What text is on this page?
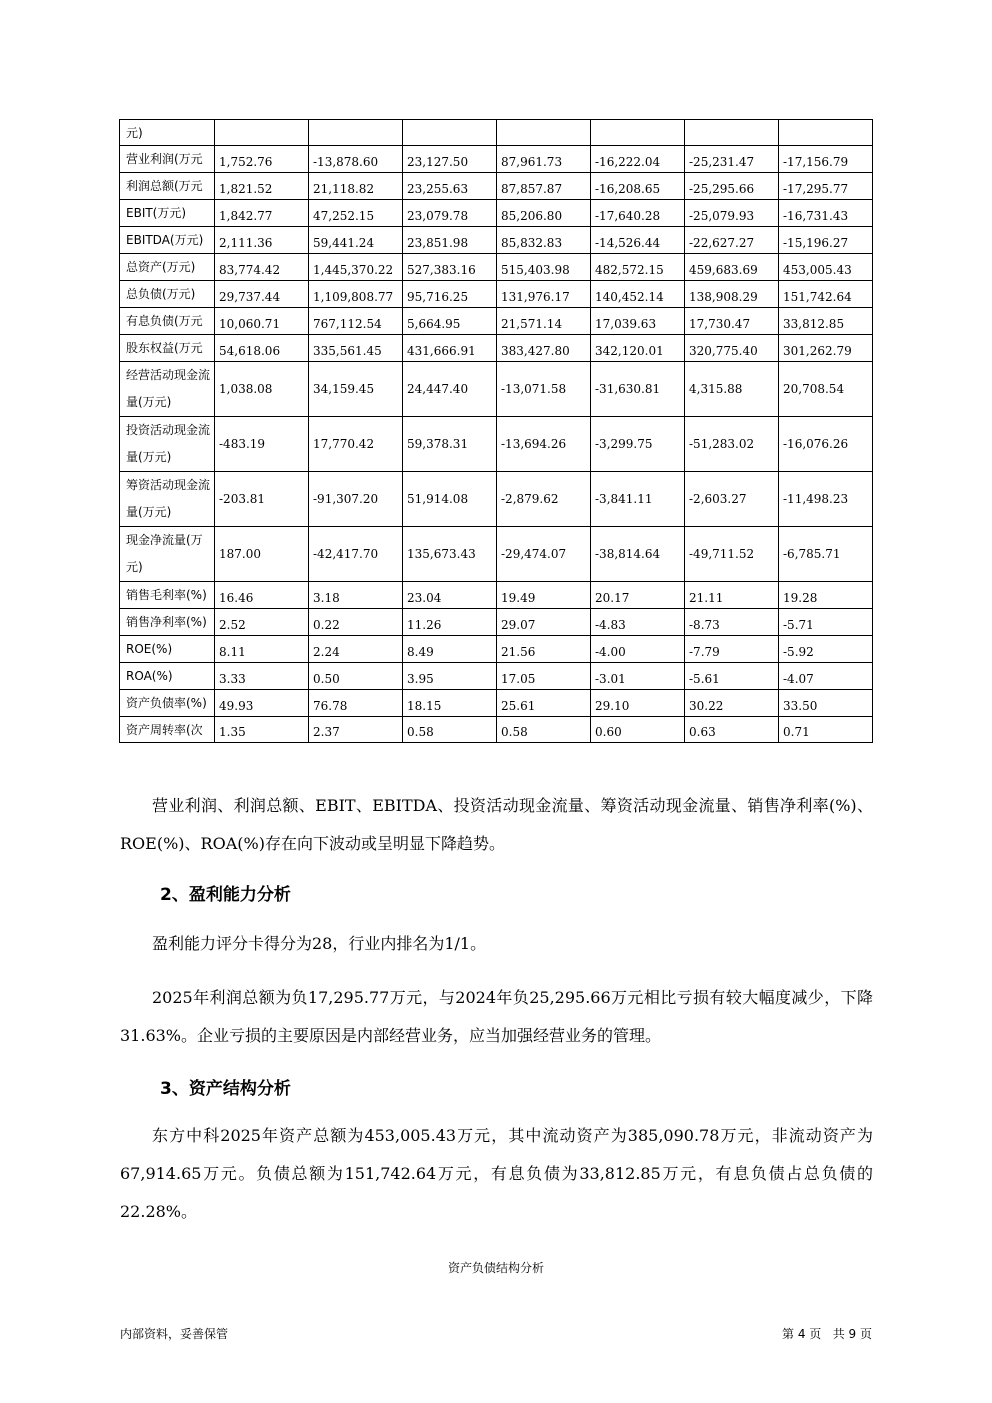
元)							
营业利润(万元	1,752.76	-13,878.60	23,127.50	87,961.73	-16,222.04	-25,231.47	-17,156.79
利润总额(万元	1,821.52	21,118.82	23,255.63	87,857.87	-16,208.65	-25,295.66	-17,295.77
EBIT(万元)	1,842.77	47,252.15	23,079.78	85,206.80	-17,640.28	-25,079.93	-16,731.43
EBITDA(万元)	2,111.36	59,441.24	23,851.98	85,832.83	-14,526.44	-22,627.27	-15,196.27
总资产(万元)	83,774.42	1,445,370.22	527,383.16	515,403.98	482,572.15	459,683.69	453,005.43
总负债(万元)	29,737.44	1,109,808.77	95,716.25	131,976.17	140,452.14	138,908.29	151,742.64
有息负债(万元	10,060.71	767,112.54	5,664.95	21,571.14	17,039.63	17,730.47	33,812.85
股东权益(万元	54,618.06	335,561.45	431,666.91	383,427.80	342,120.01	320,775.40	301,262.79
经营活动现金流量(万元)	1,038.08	34,159.45	24,447.40	-13,071.58	-31,630.81	4,315.88	20,708.54
投资活动现金流量(万元)	-483.19	17,770.42	59,378.31	-13,694.26	-3,299.75	-51,283.02	-16,076.26
筹资活动现金流量(万元)	-203.81	-91,307.20	51,914.08	-2,879.62	-3,841.11	-2,603.27	-11,498.23
现金净流量(万元)	187.00	-42,417.70	135,673.43	-29,474.07	-38,814.64	-49,711.52	-6,785.71
销售毛利率(%)	16.46	3.18	23.04	19.49	20.17	21.11	19.28
销售净利率(%)	2.52	0.22	11.26	29.07	-4.83	-8.73	-5.71
ROE(%)	8.11	2.24	8.49	21.56	-4.00	-7.79	-5.92
ROA(%)	3.33	0.50	3.95	17.05	-3.01	-5.61	-4.07
资产负债率(%)	49.93	76.78	18.15	25.61	29.10	30.22	33.50
资产周转率(次	1.35	2.37	0.58	0.58	0.60	0.63	0.71
营业利润、利润总额、EBIT、EBITDA、投资活动现金流量、筹资活动现金流量、销售净利率(%)、ROE(%)、ROA(%)存在向下波动或呈明显下降趋势。
2、盈利能力分析
盈利能力评分卡得分为28，行业内排名为1/1。
2025年利润总额为负17,295.77万元，与2024年负25,295.66万元相比亏损有较大幅度减少，下降31.63%。企业亏损的主要原因是内部经营业务，应当加强经营业务的管理。
3、资产结构分析
东方中科2025年资产总额为453,005.43万元，其中流动资产为385,090.78万元，非流动资产为67,914.65万元。负债总额为151,742.64万元，有息负债为33,812.85万元，有息负债占总负债的22.28%。
资产负债结构分析
内部资料，妥善保管	第 4 页   共 9 页
